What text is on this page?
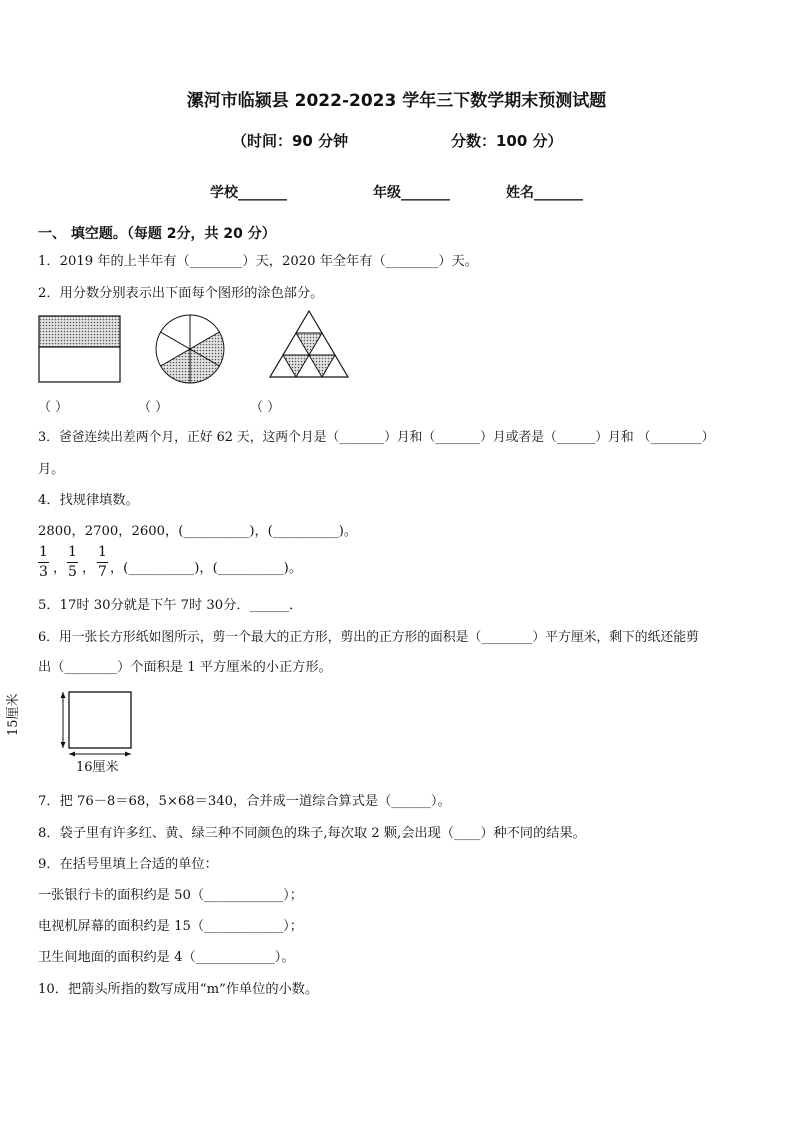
漯河市临颍县 2022-2023 学年三下数学期末预测试题
（时间：90 分钟	分数：100 分）
学校_______	年级_______	姓名_______
一、 填空题。（每题 2分，共 20 分）
1．2019 年的上半年有（________）天，2020 年全年有（________）天。
2．用分数分别表示出下面每个图形的涂色部分。
（ ）	（ ）	（ ）
3．爸爸连续出差两个月，正好 62 天，这两个月是（_______）月和（_______）月或者是（______）月和 （________）
月。
4．找规律填数。
2800，2700，2600，(__________)，(__________)。
1
3 ，
1
5 ，
1
7 ，(__________)，(__________)。
5．17时 30分就是下午 7时 30分．______．
6．用一张长方形纸如图所示，剪一个最大的正方形，剪出的正方形的面积是（________）平方厘米，剩下的纸还能剪
出（________）个面积是 1 平方厘米的小正方形。
15厘米
16厘米
7．把 76－8＝68，5×68＝340，合并成一道综合算式是（______）。
8．袋子里有许多红、黄、绿三种不同颜色的珠子,每次取 2 颗,会出现（____）种不同的结果。
9．在括号里填上合适的单位：
一张银行卡的面积约是 50（____________）；
电视机屏幕的面积约是 15（____________）；
卫生间地面的面积约是 4（____________）。
10．把箭头所指的数写成用“m”作单位的小数。
